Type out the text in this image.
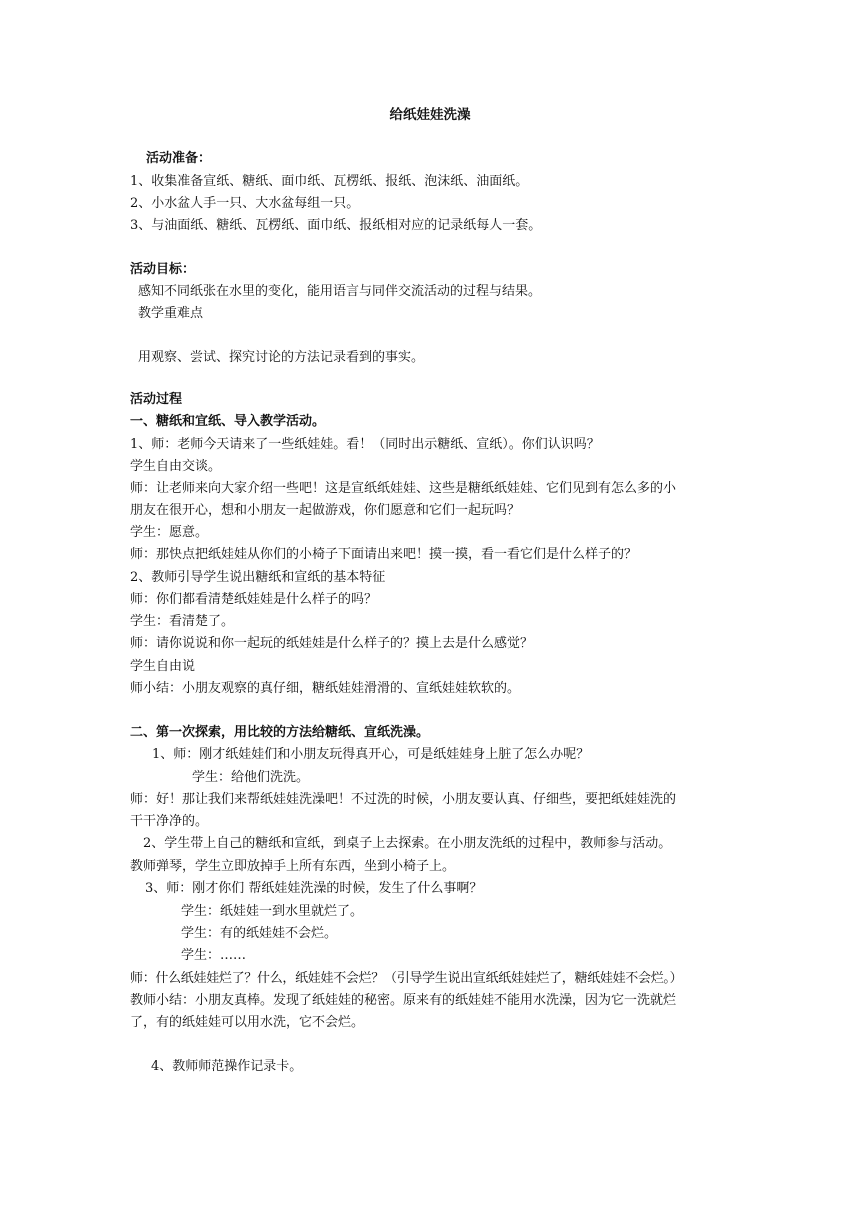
给纸娃娃洗澡
活动准备：
1、收集准备宣纸、糖纸、面巾纸、瓦楞纸、报纸、泡沫纸、油面纸。
2、小水盆人手一只、大水盆每组一只。
3、与油面纸、糖纸、瓦楞纸、面巾纸、报纸相对应的记录纸每人一套。
活动目标：
感知不同纸张在水里的变化，能用语言与同伴交流活动的过程与结果。
教学重难点
用观察、尝试、探究讨论的方法记录看到的事实。
活动过程
一、糖纸和宜纸、导入教学活动。
1、师：老师今天请来了一些纸娃娃。看！（同时出示糖纸、宣纸）。你们认识吗？
学生自由交谈。
师：让老师来向大家介绍一些吧！这是宣纸纸娃娃、这些是糖纸纸娃娃、它们见到有怎么多的小
朋友在很开心，想和小朋友一起做游戏，你们愿意和它们一起玩吗？
学生：愿意。
师：那快点把纸娃娃从你们的小椅子下面请出来吧！摸一摸，看一看它们是什么样子的？
2、教师引导学生说出糖纸和宣纸的基本特征
师：你们都看清楚纸娃娃是什么样子的吗？
学生：看清楚了。
师：请你说说和你一起玩的纸娃娃是什么样子的？摸上去是什么感觉？
学生自由说
师小结：小朋友观察的真仔细，糖纸娃娃滑滑的、宣纸娃娃软软的。
二、第一次探索，用比较的方法给糖纸、宣纸洗澡。
1、师：刚才纸娃娃们和小朋友玩得真开心，可是纸娃娃身上脏了怎么办呢？
学生：给他们洗洗。
师：好！那让我们来帮纸娃娃洗澡吧！不过洗的时候，小朋友要认真、仔细些，要把纸娃娃洗的
干干净净的。
2、学生带上自己的糖纸和宣纸，到桌子上去探索。在小朋友洗纸的过程中，教师参与活动。
教师弹琴，学生立即放掉手上所有东西，坐到小椅子上。
3、师：刚才你们 帮纸娃娃洗澡的时候，发生了什么事啊？
学生：纸娃娃一到水里就烂了。
学生：有的纸娃娃不会烂。
学生：……
师：什么纸娃娃烂了？什么，纸娃娃不会烂？（引导学生说出宣纸纸娃娃烂了，糖纸娃娃不会烂。）
教师小结：小朋友真棒。发现了纸娃娃的秘密。原来有的纸娃娃不能用水洗澡，因为它一洗就烂
了，有的纸娃娃可以用水洗，它不会烂。
4、教师师范操作记录卡。
